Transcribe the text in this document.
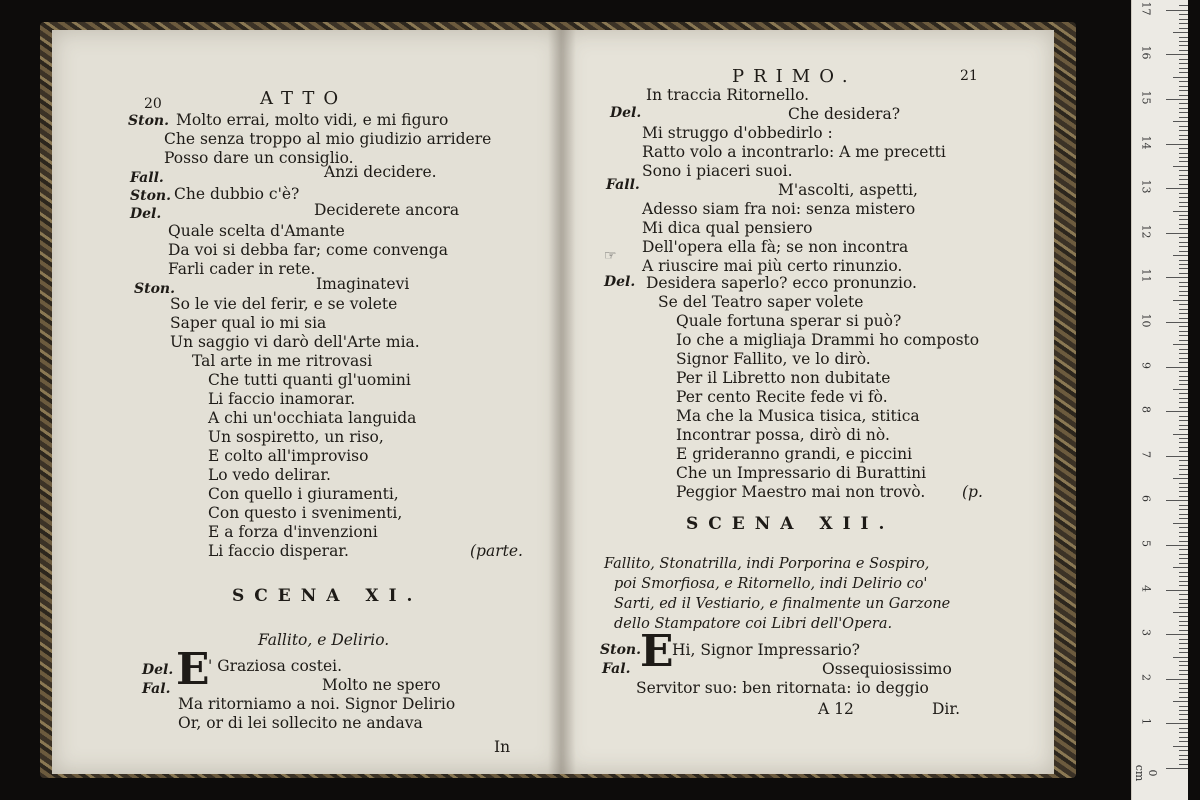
20	ATTO
Ston. Molto errai, molto vidi, e mi figuro
Che senza troppo al mio giudizio arridere
Posso dare un consiglio.
Fall.	Anzi decidere.
Ston. Che dubbio c'è?
Del.	Deciderete ancora
Quale scelta d'Amante
Da voi si debba far; come convenga
Farli cader in rete.
Ston.	Imaginatevi
So le vie del ferir, e se volete
Saper qual io mi sia
Un saggio vi darò dell'Arte mia.
Tal arte in me ritrovasi
Che tutti quanti gl'uomini
Li faccio inamorar.
A chi un'occhiata languida
Un sospiretto, un riso,
E colto all'improviso
Lo vedo delirar.
Con quello i giuramenti,
Con questo i svenimenti,
E a forza d'invenzioni
Li faccio disperar.	(parte.
SCENA XI.
Fallito, e Delirio.
Del.
Fal. E
' Graziosa costei.
Molto ne spero
Ma ritorniamo a noi. Signor Delirio
Or, or di lei sollecito ne andava
In
PRIMO.	21
In traccia Ritornello.
Del.	Che desidera?
Mi struggo d'obbedirlo :
Ratto volo a incontrarlo: A me precetti
Sono i piaceri suoi.
Fall.	M'ascolti, aspetti,
Adesso siam fra noi: senza mistero
Mi dica qual pensiero
Dell'opera ella fà; se non incontra
A riuscire mai più certo rinunzio.
Del. Desidera saperlo? ecco pronunzio.
Se del Teatro saper volete
Quale fortuna sperar si può?
Io che a migliaja Drammi ho composto
Signor Fallito, ve lo dirò.
Per il Libretto non dubitate
Per cento Recite fede vi fò.
Ma che la Musica tisica, stitica
Incontrar possa, dirò di nò.
E grideranno grandi, e piccini
Che un Impressario di Burattini
Peggior Maestro mai non trovò. (p.
☞
SCENA XII.
Fallito, Stonatrilla, indi Porporina e Sospiro,
poi Smorfiosa, e Ritornello, indi Delirio co'
Sarti, ed il Vestiario, e finalmente un Garzone
dello Stampatore coi Libri dell'Opera.
Ston.
Fal. E
Hi, Signor Impressario?
Ossequiosissimo
Servitor suo: ben ritornata: io deggio
A 12	Dir.
0 cm
1
2
3
4
5
6
7
8
9
10
11
12
13
14
15
16
17
